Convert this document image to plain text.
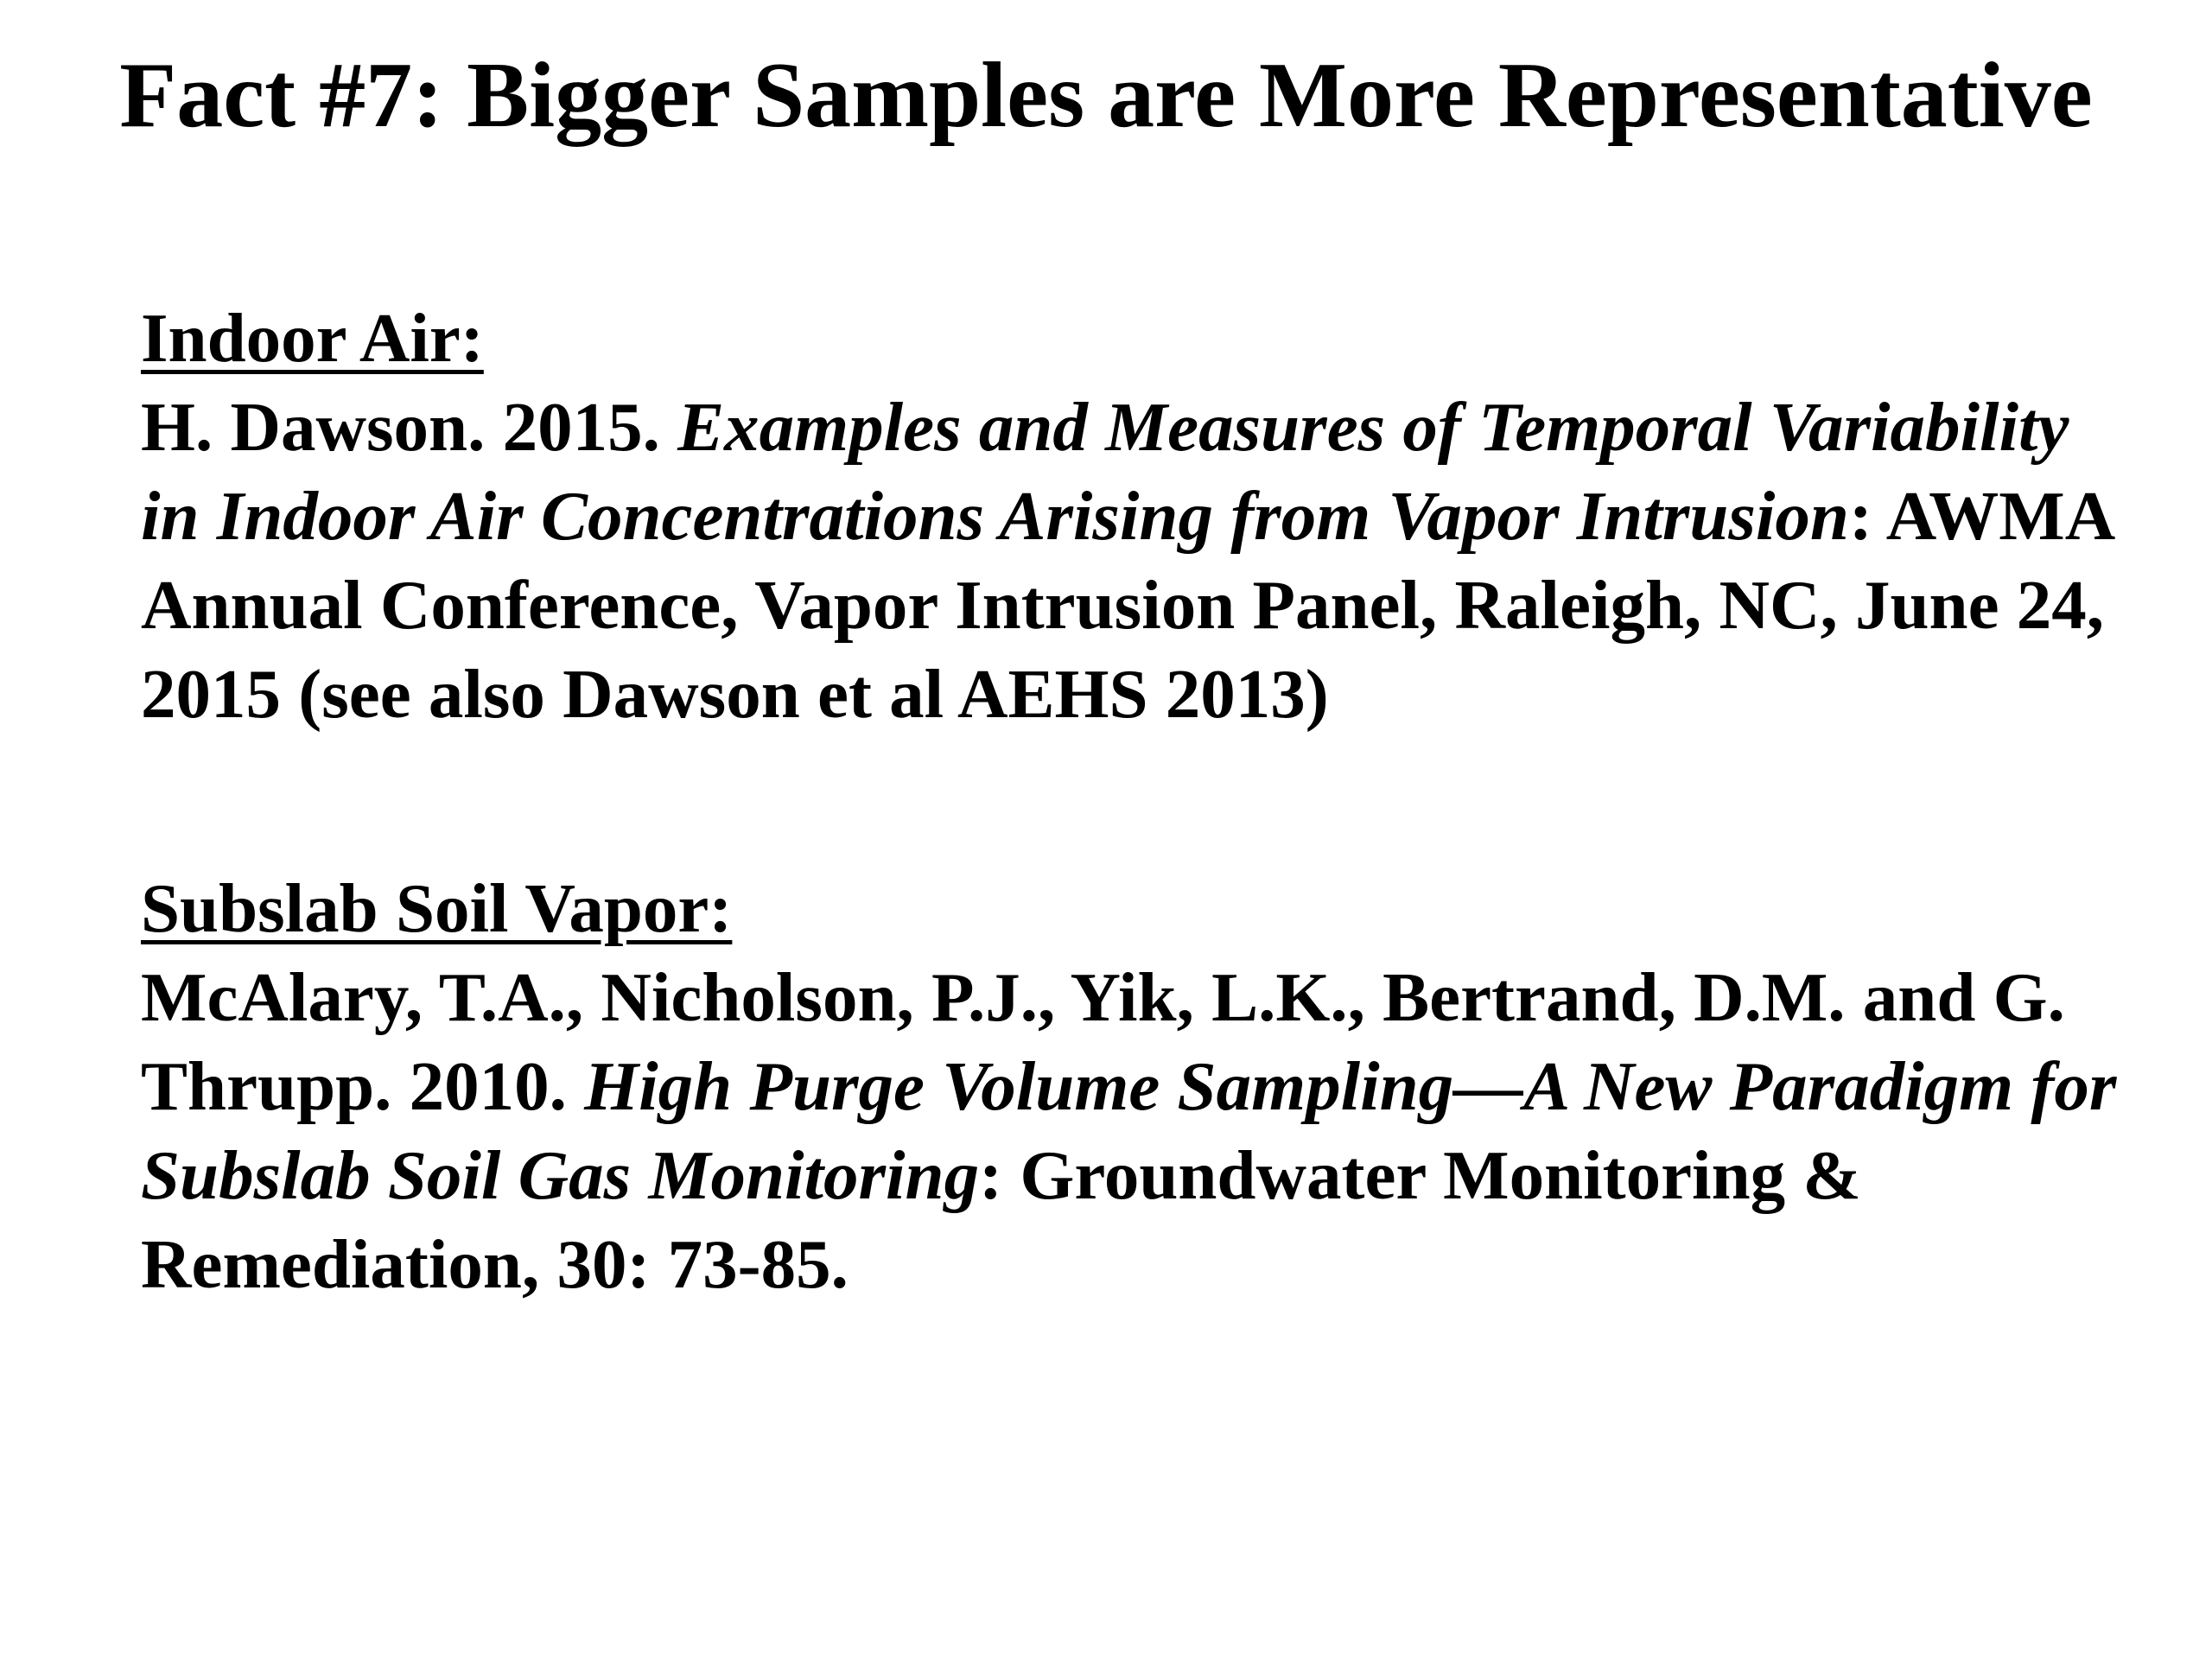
Fact #7: Bigger Samples are More Representative
Indoor Air:

H. Dawson. 2015. Examples and Measures of Temporal Variability in Indoor Air Concentrations Arising from Vapor Intrusion: AWMA Annual Conference, Vapor Intrusion Panel, Raleigh, NC, June 24, 2015 (see also Dawson et al AEHS 2013)

Subslab Soil Vapor:

McAlary, T.A., Nicholson, P.J., Yik, L.K., Bertrand, D.M. and G. Thrupp. 2010. High Purge Volume Sampling—A New Paradigm for Subslab Soil Gas Monitoring: Groundwater Monitoring & Remediation, 30: 73-85.
